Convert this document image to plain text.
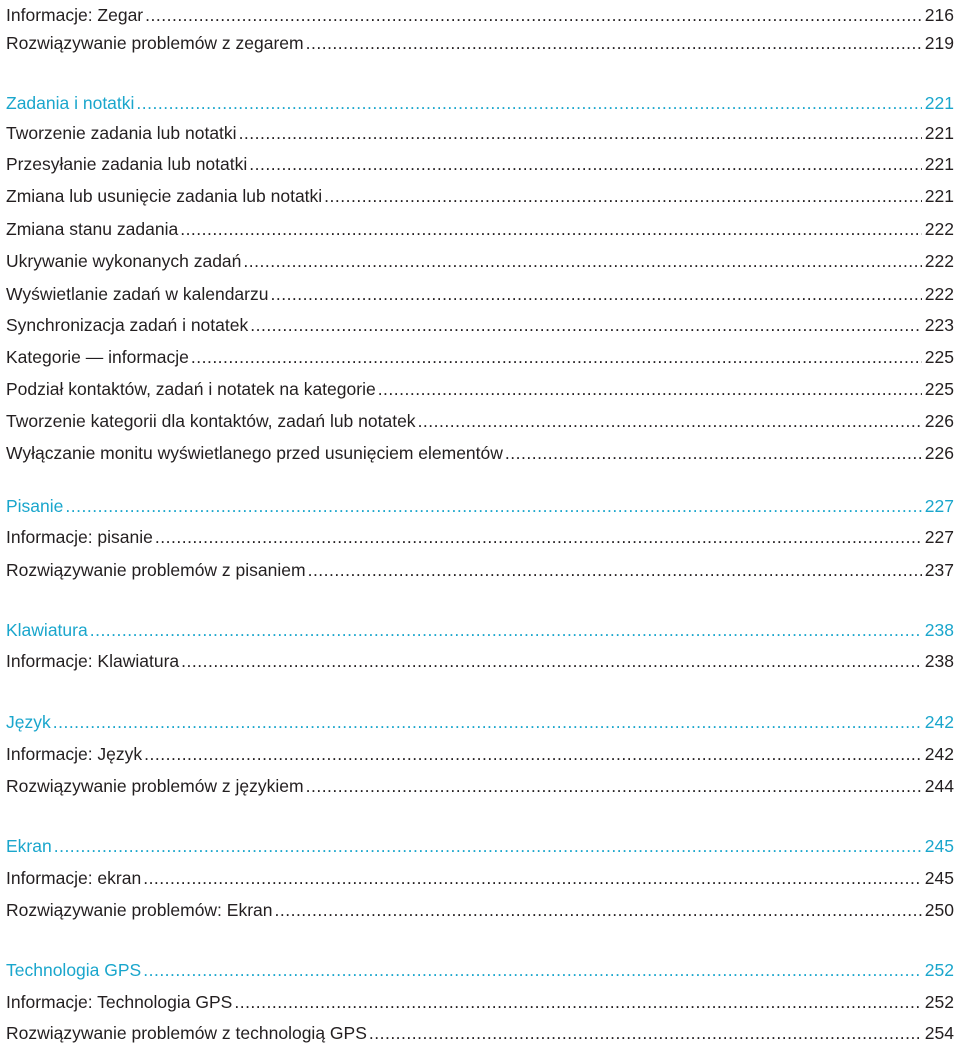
Informacje: Zegar .....	216
Rozwiązywanie problemów z zegarem .....	219
Zadania i notatki .....	221
Tworzenie zadania lub notatki .....	221
Przesyłanie zadania lub notatki .....	221
Zmiana lub usunięcie zadania lub notatki .....	221
Zmiana stanu zadania .....	222
Ukrywanie wykonanych zadań .....	222
Wyświetlanie zadań w kalendarzu .....	222
Synchronizacja zadań i notatek .....	223
Kategorie — informacje .....	225
Podział kontaktów, zadań i notatek na kategorie .....	225
Tworzenie kategorii dla kontaktów, zadań lub notatek .....	226
Wyłączanie monitu wyświetlanego przed usunięciem elementów .....	226
Pisanie .....	227
Informacje: pisanie .....	227
Rozwiązywanie problemów z pisaniem .....	237
Klawiatura .....	238
Informacje: Klawiatura .....	238
Język .....	242
Informacje: Język .....	242
Rozwiązywanie problemów z językiem .....	244
Ekran .....	245
Informacje: ekran .....	245
Rozwiązywanie problemów: Ekran .....	250
Technologia GPS .....	252
Informacje: Technologia GPS .....	252
Rozwiązywanie problemów z technologią GPS .....	254
